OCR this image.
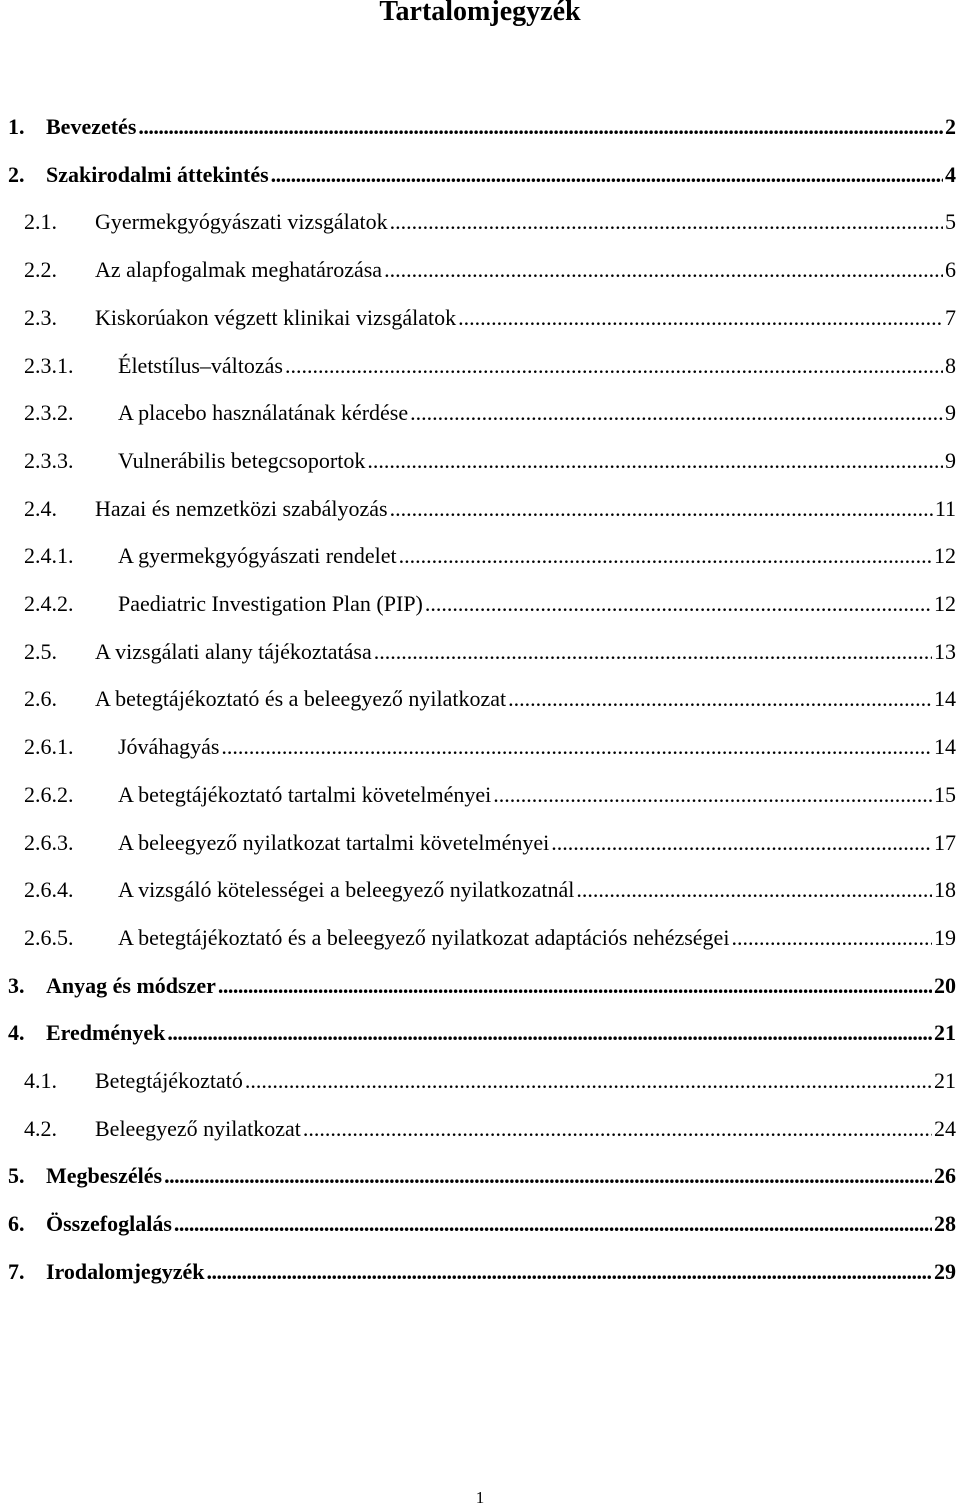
Tartalomjegyzék
1. Bevezetés .....	2
2. Szakirodalmi áttekintés .....	4
2.1.	Gyermekgyógyászati vizsgálatok .....	5
2.2.	Az alapfogalmak meghatározása .....	6
2.3.	Kiskorúakon végzett klinikai vizsgálatok .....	7
2.3.1.	Életstílus–változás .....	8
2.3.2.	A placebo használatának kérdése .....	9
2.3.3.	Vulnerábilis betegcsoportok .....	9
2.4.	Hazai és nemzetközi szabályozás .....	11
2.4.1.	A gyermekgyógyászati rendelet .....	12
2.4.2.	Paediatric Investigation Plan (PIP) .....	12
2.5.	A vizsgálati alany tájékoztatása .....	13
2.6.	A betegtájékoztató és a beleegyező nyilatkozat .....	14
2.6.1.	Jóváhagyás .....	14
2.6.2.	A betegtájékoztató tartalmi követelményei .....	15
2.6.3.	A beleegyező nyilatkozat tartalmi követelményei .....	17
2.6.4.	A vizsgáló kötelességei a beleegyező nyilatkozatnál .....	18
2.6.5.	A betegtájékoztató és a beleegyező nyilatkozat adaptációs nehézségei .....	19
3. Anyag és módszer .....	20
4. Eredmények .....	21
4.1.	Betegtájékoztató .....	21
4.2.	Beleegyező nyilatkozat .....	24
5. Megbeszélés .....	26
6. Összefoglalás .....	28
7. Irodalomjegyzék .....	29
1
